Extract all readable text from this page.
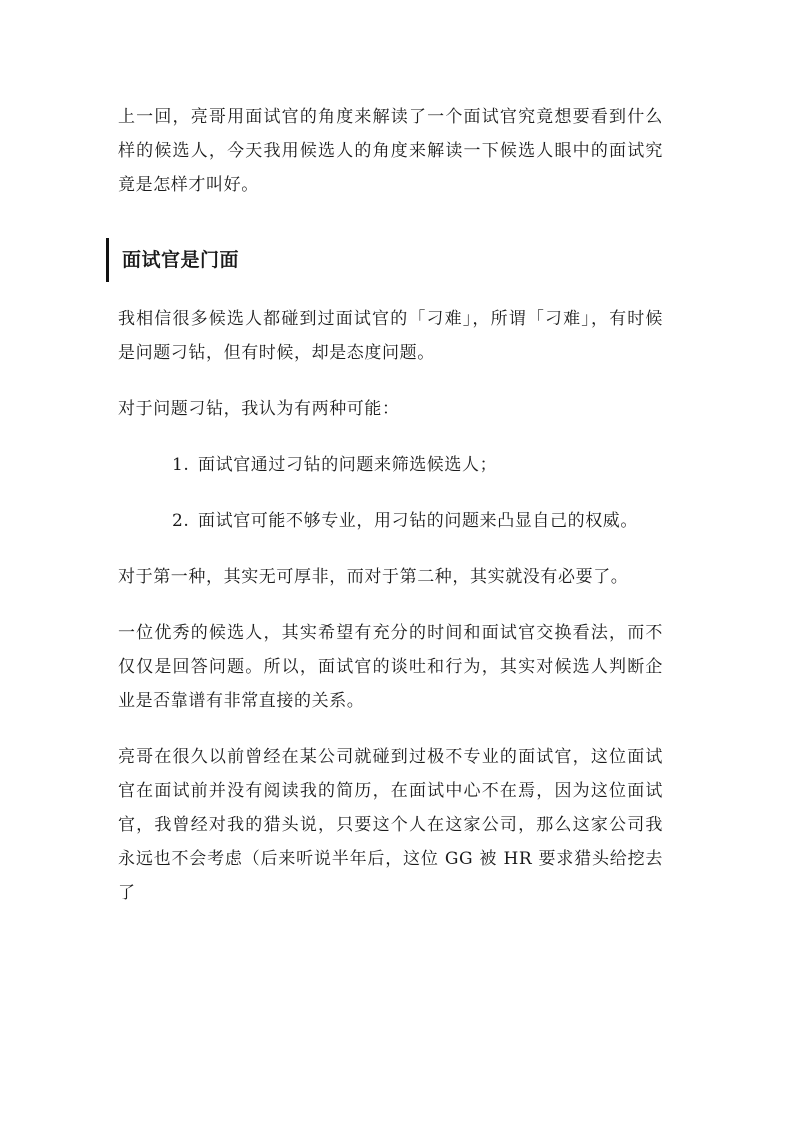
上一回，亮哥用面试官的角度来解读了一个面试官究竟想要看到什么样的候选人，今天我用候选人的角度来解读一下候选人眼中的面试究竟是怎样才叫好。

面试官是门面

我相信很多候选人都碰到过面试官的「刁难」，所谓「刁难」，有时候是问题刁钻，但有时候，却是态度问题。

对于问题刁钻，我认为有两种可能：

1. 面试官通过刁钻的问题来筛选候选人；
2. 面试官可能不够专业，用刁钻的问题来凸显自己的权威。

对于第一种，其实无可厚非，而对于第二种，其实就没有必要了。

一位优秀的候选人，其实希望有充分的时间和面试官交换看法，而不仅仅是回答问题。所以，面试官的谈吐和行为，其实对候选人判断企业是否靠谱有非常直接的关系。

亮哥在很久以前曾经在某公司就碰到过极不专业的面试官，这位面试官在面试前并没有阅读我的简历，在面试中心不在焉，因为这位面试官，我曾经对我的猎头说，只要这个人在这家公司，那么这家公司我永远也不会考虑（后来听说半年后，这位 GG 被 HR 要求猎头给挖去了
